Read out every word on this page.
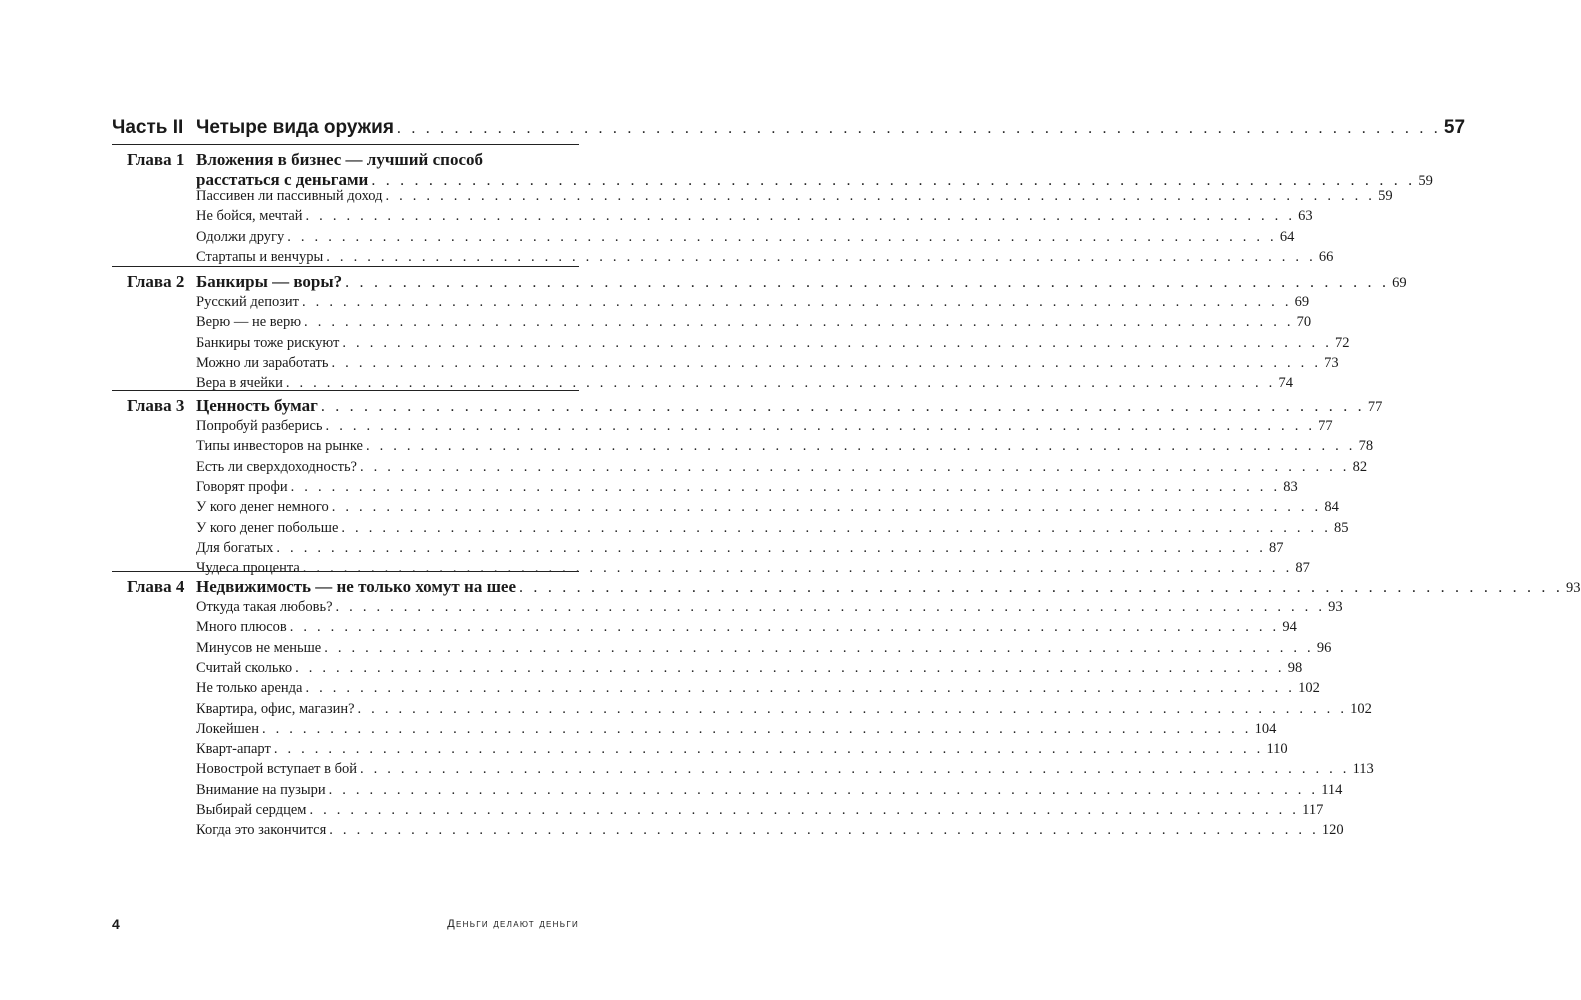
Часть II Четыре вида оружия . . . . . . . . . . . . . . . . . . . . . . . . . . . . . . . . . . . . . . . . . . . . . . . . . . . . . . . . . . . . . . . . . . . . . . . . . 57
Глава 1 Вложения в бизнес — лучший способ
расстаться с деньгами . . . . . . . . . . . . . . . . . . . . . . . . . . . . . . . . . . . . . . . . . . . . . . . . . . . . . . . . . . . . . . . . . . . . . . . . . 59
Пассивен ли пассивный доход . . . . . . . . . . . . . . . . . . . . . . . . . . . . . . . . . . . . . . . . . . . . . . . . . . . . . . . . . . . . . . . . . . . . . . . . . 59
Не бойся, мечтай . . . . . . . . . . . . . . . . . . . . . . . . . . . . . . . . . . . . . . . . . . . . . . . . . . . . . . . . . . . . . . . . . . . . . . . . . 63
Одолжи другу . . . . . . . . . . . . . . . . . . . . . . . . . . . . . . . . . . . . . . . . . . . . . . . . . . . . . . . . . . . . . . . . . . . . . . . . . 64
Стартапы и венчуры . . . . . . . . . . . . . . . . . . . . . . . . . . . . . . . . . . . . . . . . . . . . . . . . . . . . . . . . . . . . . . . . . . . . . . . . . 66
Глава 2 Банкиры — воры? . . . . . . . . . . . . . . . . . . . . . . . . . . . . . . . . . . . . . . . . . . . . . . . . . . . . . . . . . . . . . . . . . . . . . . . . . 69
Русский депозит . . . . . . . . . . . . . . . . . . . . . . . . . . . . . . . . . . . . . . . . . . . . . . . . . . . . . . . . . . . . . . . . . . . . . . . . . 69
Верю — не верю . . . . . . . . . . . . . . . . . . . . . . . . . . . . . . . . . . . . . . . . . . . . . . . . . . . . . . . . . . . . . . . . . . . . . . . . . 70
Банкиры тоже рискуют . . . . . . . . . . . . . . . . . . . . . . . . . . . . . . . . . . . . . . . . . . . . . . . . . . . . . . . . . . . . . . . . . . . . . . . . . 72
Можно ли заработать . . . . . . . . . . . . . . . . . . . . . . . . . . . . . . . . . . . . . . . . . . . . . . . . . . . . . . . . . . . . . . . . . . . . . . . . . 73
Вера в ячейки . . . . . . . . . . . . . . . . . . . . . . . . . . . . . . . . . . . . . . . . . . . . . . . . . . . . . . . . . . . . . . . . . . . . . . . . . 74
Глава 3 Ценность бумаг . . . . . . . . . . . . . . . . . . . . . . . . . . . . . . . . . . . . . . . . . . . . . . . . . . . . . . . . . . . . . . . . . . . . . . . . . 77
Попробуй разберись . . . . . . . . . . . . . . . . . . . . . . . . . . . . . . . . . . . . . . . . . . . . . . . . . . . . . . . . . . . . . . . . . . . . . . . . . 77
Типы инвесторов на рынке . . . . . . . . . . . . . . . . . . . . . . . . . . . . . . . . . . . . . . . . . . . . . . . . . . . . . . . . . . . . . . . . . . . . . . . . . 78
Есть ли сверхдоходность? . . . . . . . . . . . . . . . . . . . . . . . . . . . . . . . . . . . . . . . . . . . . . . . . . . . . . . . . . . . . . . . . . . . . . . . . . 82
Говорят профи . . . . . . . . . . . . . . . . . . . . . . . . . . . . . . . . . . . . . . . . . . . . . . . . . . . . . . . . . . . . . . . . . . . . . . . . . 83
У кого денег немного . . . . . . . . . . . . . . . . . . . . . . . . . . . . . . . . . . . . . . . . . . . . . . . . . . . . . . . . . . . . . . . . . . . . . . . . . 84
У кого денег побольше . . . . . . . . . . . . . . . . . . . . . . . . . . . . . . . . . . . . . . . . . . . . . . . . . . . . . . . . . . . . . . . . . . . . . . . . . 85
Для богатых . . . . . . . . . . . . . . . . . . . . . . . . . . . . . . . . . . . . . . . . . . . . . . . . . . . . . . . . . . . . . . . . . . . . . . . . . 87
Чудеса процента . . . . . . . . . . . . . . . . . . . . . . . . . . . . . . . . . . . . . . . . . . . . . . . . . . . . . . . . . . . . . . . . . . . . . . . . . 87
Глава 4 Недвижимость — не только хомут на шее . . . . . . . . . . . . . . . . . . . . . . . . . . . . . . . . . . . . . . . . . . . . . . . . . . . . . . . . . . . . . . . . . . . . . . . . . 93
Откуда такая любовь? . . . . . . . . . . . . . . . . . . . . . . . . . . . . . . . . . . . . . . . . . . . . . . . . . . . . . . . . . . . . . . . . . . . . . . . . . 93
Много плюсов . . . . . . . . . . . . . . . . . . . . . . . . . . . . . . . . . . . . . . . . . . . . . . . . . . . . . . . . . . . . . . . . . . . . . . . . . 94
Минусов не меньше . . . . . . . . . . . . . . . . . . . . . . . . . . . . . . . . . . . . . . . . . . . . . . . . . . . . . . . . . . . . . . . . . . . . . . . . . 96
Считай сколько . . . . . . . . . . . . . . . . . . . . . . . . . . . . . . . . . . . . . . . . . . . . . . . . . . . . . . . . . . . . . . . . . . . . . . . . . 98
Не только аренда . . . . . . . . . . . . . . . . . . . . . . . . . . . . . . . . . . . . . . . . . . . . . . . . . . . . . . . . . . . . . . . . . . . . . . . . . 102
Квартира, офис, магазин? . . . . . . . . . . . . . . . . . . . . . . . . . . . . . . . . . . . . . . . . . . . . . . . . . . . . . . . . . . . . . . . . . . . . . . . . . 102
Локейшен . . . . . . . . . . . . . . . . . . . . . . . . . . . . . . . . . . . . . . . . . . . . . . . . . . . . . . . . . . . . . . . . . . . . . . . . . 104
Кварт-апарт . . . . . . . . . . . . . . . . . . . . . . . . . . . . . . . . . . . . . . . . . . . . . . . . . . . . . . . . . . . . . . . . . . . . . . . . . 110
Новострой вступает в бой . . . . . . . . . . . . . . . . . . . . . . . . . . . . . . . . . . . . . . . . . . . . . . . . . . . . . . . . . . . . . . . . . . . . . . . . . 113
Внимание на пузыри . . . . . . . . . . . . . . . . . . . . . . . . . . . . . . . . . . . . . . . . . . . . . . . . . . . . . . . . . . . . . . . . . . . . . . . . . 114
Выбирай сердцем . . . . . . . . . . . . . . . . . . . . . . . . . . . . . . . . . . . . . . . . . . . . . . . . . . . . . . . . . . . . . . . . . . . . . . . . . 117
Когда это закончится . . . . . . . . . . . . . . . . . . . . . . . . . . . . . . . . . . . . . . . . . . . . . . . . . . . . . . . . . . . . . . . . . . . . . . . . . 120
4	Деньги делают деньги
